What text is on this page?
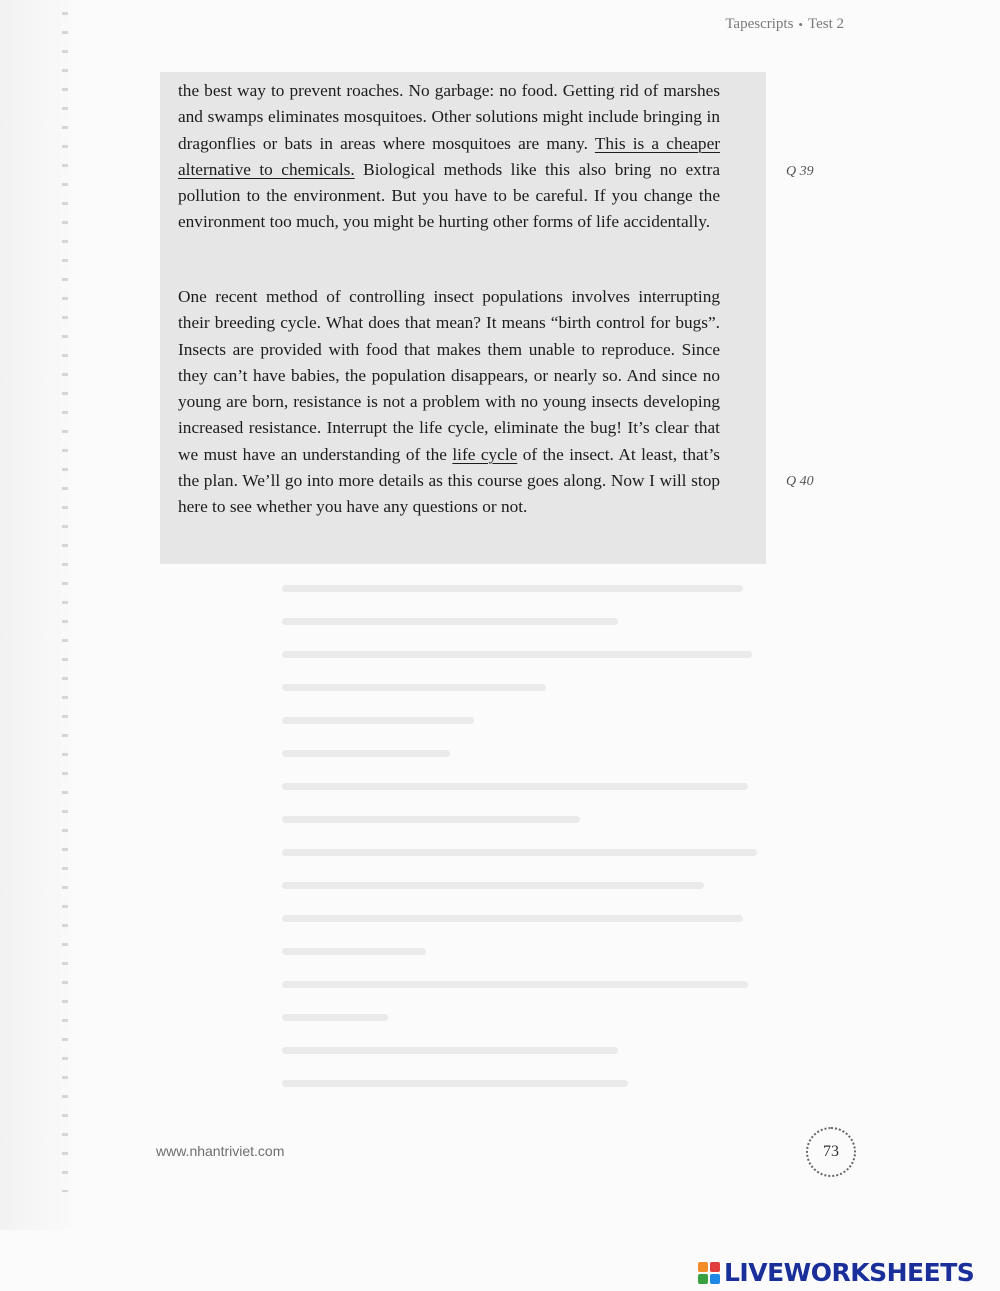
Tapescripts • Test 2

the best way to prevent roaches. No garbage: no food. Getting rid of marshes and swamps eliminates mosquitoes. Other solutions might include bringing in dragonflies or bats in areas where mosquitoes are many. This is a cheaper alternative to chemicals. Biological methods like this also bring no extra pollution to the environment. But you have to be careful. If you change the environment too much, you might be hurting other forms of life accidentally.

One recent method of controlling insect populations involves interrupting their breeding cycle. What does that mean? It means “birth control for bugs”. Insects are provided with food that makes them unable to reproduce. Since they can’t have babies, the population disappears, or nearly so. And since no young are born, resistance is not a problem with no young insects developing increased resistance. Interrupt the life cycle, eliminate the bug! It’s clear that we must have an understanding of the life cycle of the insect. At least, that’s the plan. We’ll go into more details as this course goes along. Now I will stop here to see whether you have any questions or not.

Q 39
Q 40
www.nhantriviet.com	73
LIVEWORKSHEETS
